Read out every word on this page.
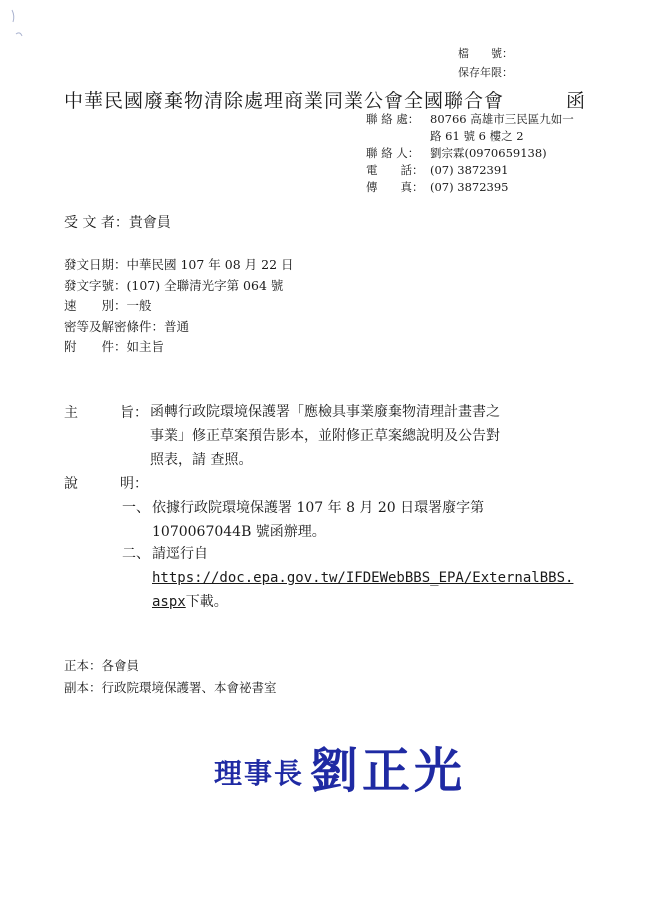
檔　　號：
保存年限：
中華民國廢棄物清除處理商業同業公會全國聯合會	函
聯 絡 處： 80766 高雄市三民區九如一
路 61 號 6 樓之 2
聯 絡 人： 劉宗霖(0970659138)
電　　話： (07) 3872391
傳　　真： (07) 3872395
受 文 者：貴會員
發文日期：中華民國 107 年 08 月 22 日
發文字號：(107) 全聯清光字第 064 號
速　　別：一般
密等及解密條件：普通
附　　件：如主旨
主　　　旨： 函轉行政院環境保護署「應檢具事業廢棄物清理計畫書之
事業」修正草案預告影本，並附修正草案總說明及公告對
照表，請 查照。
說　　　明：
一、 依據行政院環境保護署 107 年 8 月 20 日環署廢字第
1070067044B 號函辦理。
二、 請逕行自
https://doc.epa.gov.tw/IFDEWebBBS_EPA/ExternalBBS.
aspx下載。
正本：各會員
副本：行政院環境保護署、本會祕書室
理事長 劉正光
